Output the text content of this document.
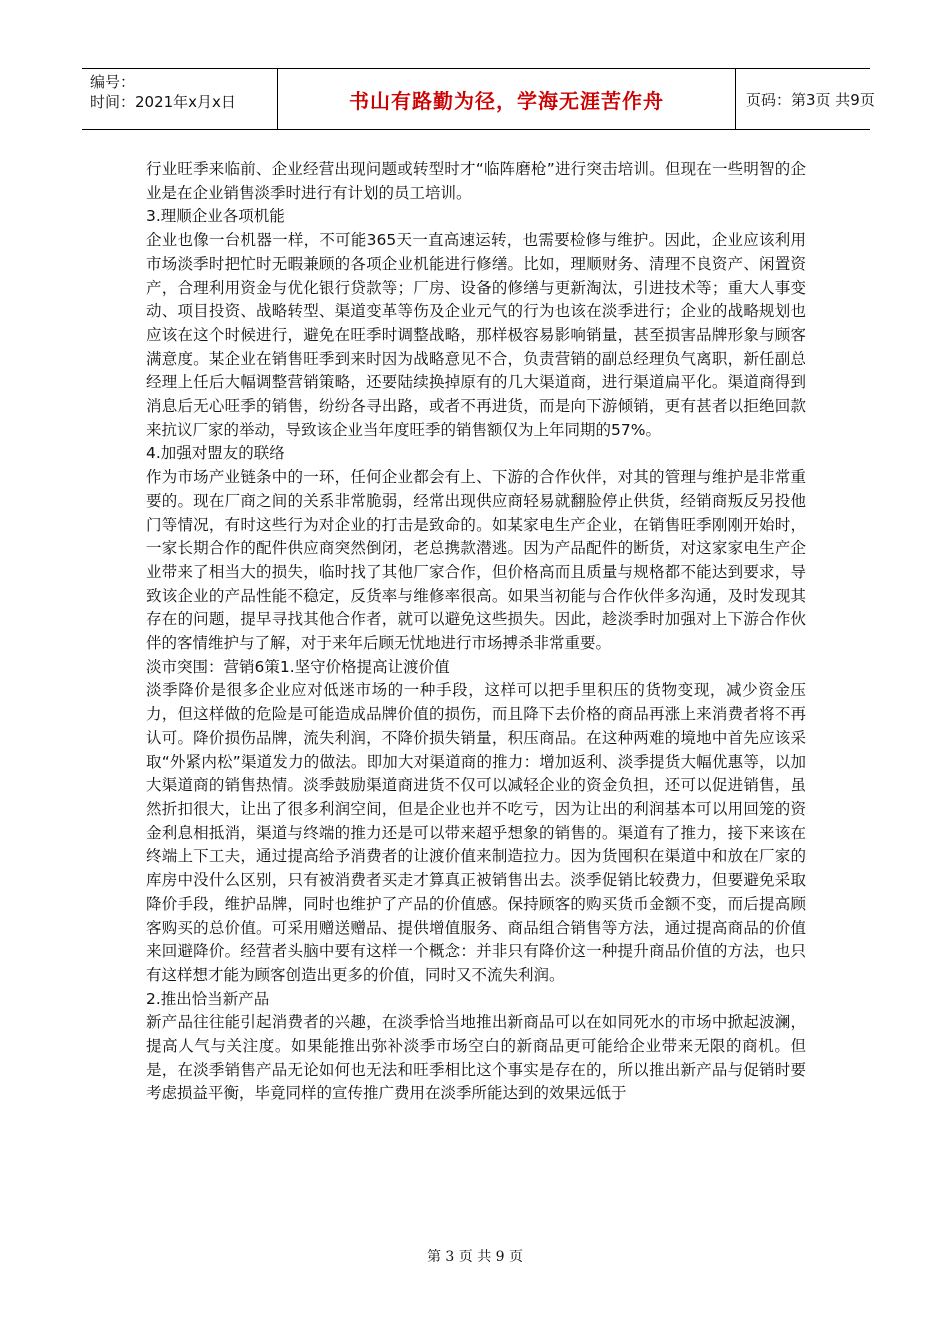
编号：
时间：2021年x月x日	书山有路勤为径，学海无涯苦作舟	页码：第3页 共9页

行业旺季来临前、企业经营出现问题或转型时才“临阵磨枪”进行突击培训。但现在一些明智的企业是在企业销售淡季时进行有计划的员工培训。

3.理顺企业各项机能

企业也像一台机器一样，不可能365天一直高速运转，也需要检修与维护。因此，企业应该利用市场淡季时把忙时无暇兼顾的各项企业机能进行修缮。比如，理顺财务、清理不良资产、闲置资产，合理利用资金与优化银行贷款等；厂房、设备的修缮与更新淘汰，引进技术等；重大人事变动、项目投资、战略转型、渠道变革等伤及企业元气的行为也该在淡季进行；企业的战略规划也应该在这个时候进行，避免在旺季时调整战略，那样极容易影响销量，甚至损害品牌形象与顾客满意度。某企业在销售旺季到来时因为战略意见不合，负责营销的副总经理负气离职，新任副总经理上任后大幅调整营销策略，还要陆续换掉原有的几大渠道商，进行渠道扁平化。渠道商得到消息后无心旺季的销售，纷纷各寻出路，或者不再进货，而是向下游倾销，更有甚者以拒绝回款来抗议厂家的举动，导致该企业当年度旺季的销售额仅为上年同期的57%。

4.加强对盟友的联络

作为市场产业链条中的一环，任何企业都会有上、下游的合作伙伴，对其的管理与维护是非常重要的。现在厂商之间的关系非常脆弱，经常出现供应商轻易就翻脸停止供货，经销商叛反另投他门等情况，有时这些行为对企业的打击是致命的。如某家电生产企业，在销售旺季刚刚开始时，一家长期合作的配件供应商突然倒闭，老总携款潜逃。因为产品配件的断货，对这家家电生产企业带来了相当大的损失，临时找了其他厂家合作，但价格高而且质量与规格都不能达到要求，导致该企业的产品性能不稳定，反货率与维修率很高。如果当初能与合作伙伴多沟通，及时发现其存在的问题，提早寻找其他合作者，就可以避免这些损失。因此，趁淡季时加强对上下游合作伙伴的客情维护与了解，对于来年后顾无忧地进行市场搏杀非常重要。

淡市突围：营销6策1.坚守价格提高让渡价值

淡季降价是很多企业应对低迷市场的一种手段，这样可以把手里积压的货物变现，减少资金压力，但这样做的危险是可能造成品牌价值的损伤，而且降下去价格的商品再涨上来消费者将不再认可。降价损伤品牌，流失利润，不降价损失销量，积压商品。在这种两难的境地中首先应该采取“外紧内松”渠道发力的做法。即加大对渠道商的推力：增加返利、淡季提货大幅优惠等，以加大渠道商的销售热情。淡季鼓励渠道商进货不仅可以减轻企业的资金负担，还可以促进销售，虽然折扣很大，让出了很多利润空间，但是企业也并不吃亏，因为让出的利润基本可以用回笼的资金利息相抵消，渠道与终端的推力还是可以带来超乎想象的销售的。渠道有了推力，接下来该在终端上下工夫，通过提高给予消费者的让渡价值来制造拉力。因为货囤积在渠道中和放在厂家的库房中没什么区别，只有被消费者买走才算真正被销售出去。淡季促销比较费力，但要避免采取降价手段，维护品牌，同时也维护了产品的价值感。保持顾客的购买货币金额不变，而后提高顾客购买的总价值。可采用赠送赠品、提供增值服务、商品组合销售等方法，通过提高商品的价值来回避降价。经营者头脑中要有这样一个概念：并非只有降价这一种提升商品价值的方法，也只有这样想才能为顾客创造出更多的价值，同时又不流失利润。

2.推出恰当新产品

新产品往往能引起消费者的兴趣，在淡季恰当地推出新商品可以在如同死水的市场中掀起波澜，提高人气与关注度。如果能推出弥补淡季市场空白的新商品更可能给企业带来无限的商机。但是，在淡季销售产品无论如何也无法和旺季相比这个事实是存在的，所以推出新产品与促销时要考虑损益平衡，毕竟同样的宣传推广费用在淡季所能达到的效果远低于

第 3 页 共 9 页
